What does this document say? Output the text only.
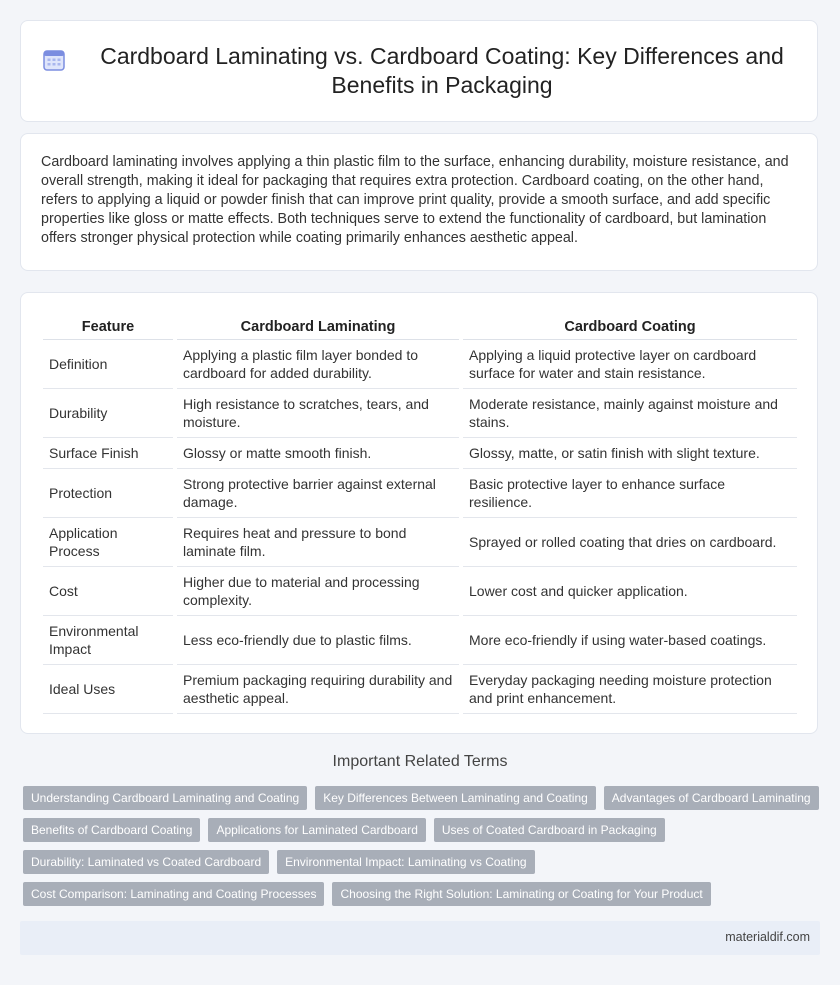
Cardboard Laminating vs. Cardboard Coating: Key Differences and Benefits in Packaging

Cardboard laminating involves applying a thin plastic film to the surface, enhancing durability, moisture resistance, and overall strength, making it ideal for packaging that requires extra protection. Cardboard coating, on the other hand, refers to applying a liquid or powder finish that can improve print quality, provide a smooth surface, and add specific properties like gloss or matte effects. Both techniques serve to extend the functionality of cardboard, but lamination offers stronger physical protection while coating primarily enhances aesthetic appeal.

Feature	Cardboard Laminating	Cardboard Coating
Definition	Applying a plastic film layer bonded to cardboard for added durability.	Applying a liquid protective layer on cardboard surface for water and stain resistance.
Durability	High resistance to scratches, tears, and moisture.	Moderate resistance, mainly against moisture and stains.
Surface Finish	Glossy or matte smooth finish.	Glossy, matte, or satin finish with slight texture.
Protection	Strong protective barrier against external damage.	Basic protective layer to enhance surface resilience.
Application Process	Requires heat and pressure to bond laminate film.	Sprayed or rolled coating that dries on cardboard.
Cost	Higher due to material and processing complexity.	Lower cost and quicker application.
Environmental Impact	Less eco-friendly due to plastic films.	More eco-friendly if using water-based coatings.
Ideal Uses	Premium packaging requiring durability and aesthetic appeal.	Everyday packaging needing moisture protection and print enhancement.
Important Related Terms
Understanding Cardboard Laminating and Coating	Key Differences Between Laminating and Coating	Advantages of Cardboard Laminating
Benefits of Cardboard Coating	Applications for Laminated Cardboard	Uses of Coated Cardboard in Packaging
Durability: Laminated vs Coated Cardboard	Environmental Impact: Laminating vs Coating
Cost Comparison: Laminating and Coating Processes	Choosing the Right Solution: Laminating or Coating for Your Product
materialdif.com
